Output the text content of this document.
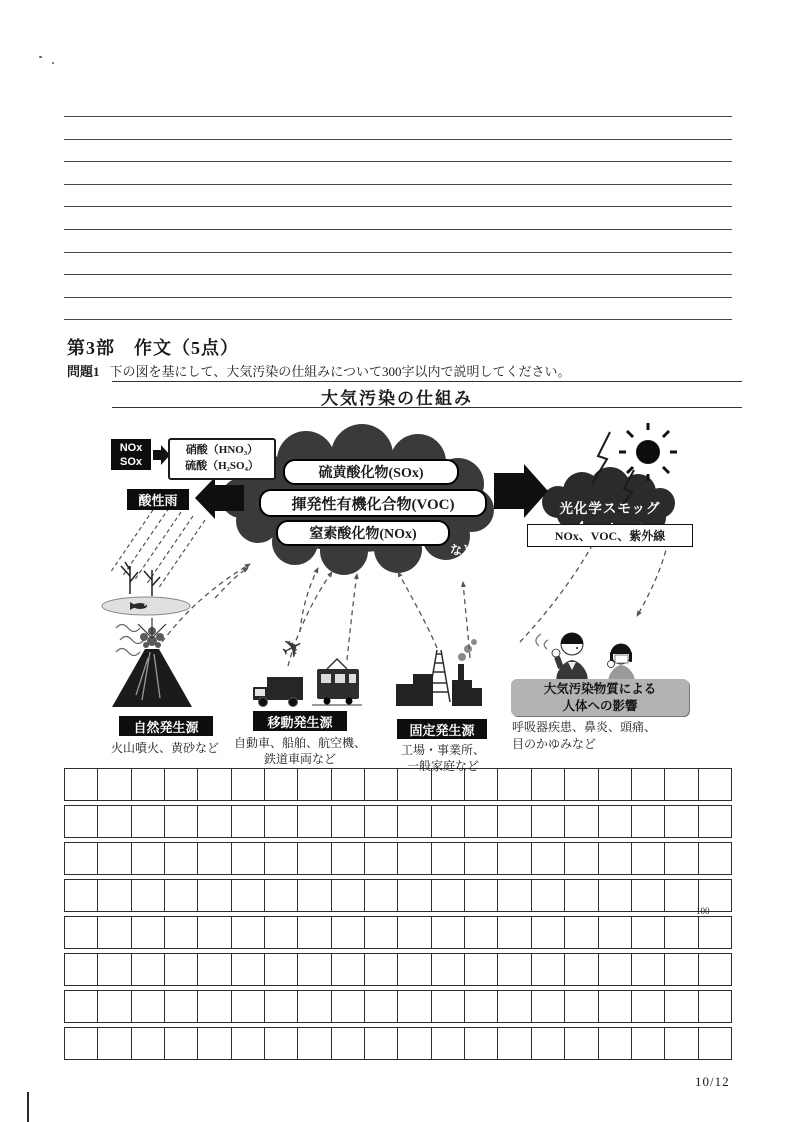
第3部　作文（5点）
問題1 下の図を基にして、大気汚染の仕組みについて300字以内で説明してください。
大気汚染の仕組み
NOx
SOx
硝酸（HNO₃）
硫酸（H₂SO₄）
酸性雨
硫黄酸化物(SOx)
揮発性有機化合物(VOC)
窒素酸化物(NOx)
など
光化学スモッグ
NOx、VOC、紫外線
自然発生源	移動発生源
固定発生源
火山噴火、黄砂など	自動車、船舶、航空機、
鉄道車両など
工場・事業所、
一般家庭など
大気汚染物質による
人体への影響
呼吸器疾患、鼻炎、頭痛、
目のかゆみなど
✈
100
10/12
